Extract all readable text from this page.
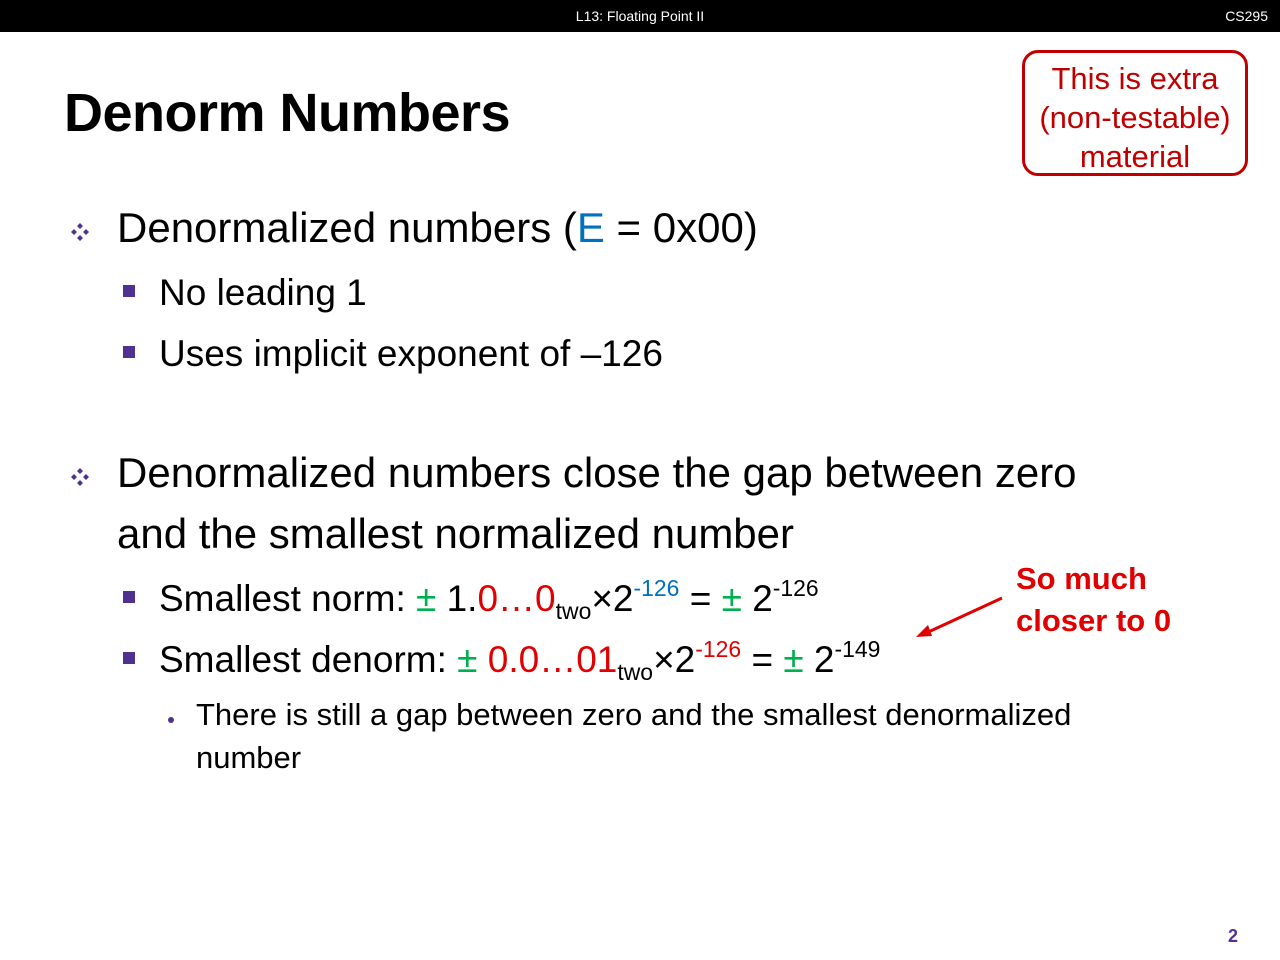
L13: Floating Point II	CS295
Denorm Numbers
This is extra
(non-testable)
material
Denormalized numbers (E = 0x00)
No leading 1
Uses implicit exponent of –126
Denormalized numbers close the gap between zero
and the smallest normalized number
Smallest norm: ± $1.0\dots 0_{two}\times 2^{-126}$ = ± $2^{-126}$
Smallest denorm: ± $0.0\dots 01_{two}\times 2^{-126}$ = ± $2^{-149}$
There is still a gap between zero and the smallest denormalized
number
So much
closer to 0
2
